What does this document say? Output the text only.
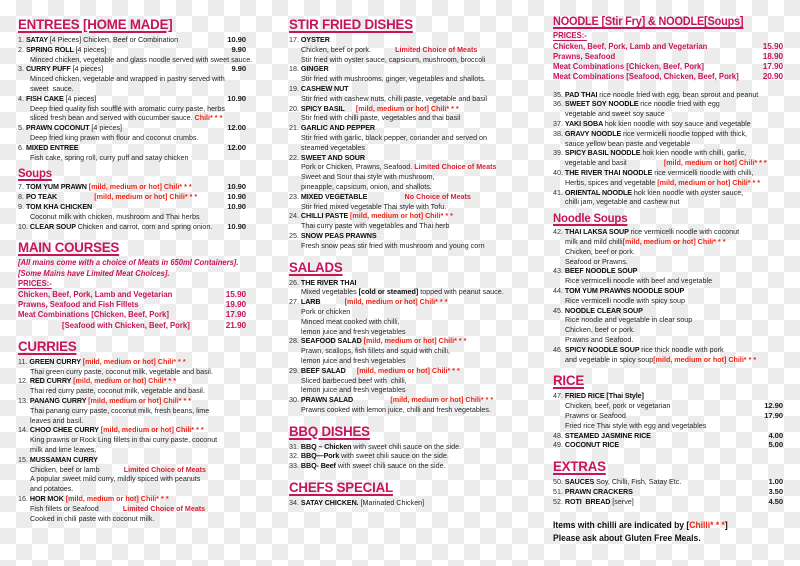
ENTREES [HOME MADE]
1. SATAY [4 Pieces] Chicken, Beef or Combination	10.90
2. SPRING ROLL [4 pieces]	9.90
Minced chicken, vegetable and glass noodle served with sweet sauce.
3. CURRY PUFF [4 pieces]	9.90
Minced chicken, vegetable and wrapped in pastry served with
sweet  sauce.
4. FISH CAKE [4 pieces]	10.90
Deep fried quality fish soufflé with aromatic curry paste, herbs
sliced fresh bean and served with cucumber sauce. Chili* * *
5. PRAWN COCONUT [4 pieces]	12.00
Deep fried king prawn with flour and coconut crumbs.
6. MIXED ENTREE	12.00
Fish cake, spring roll, curry puff and satay chicken
Soups
7. TOM YUM PRAWN [mild, medium or hot] Chili* * *	10.90
8. PO TEAK	[mild, medium or hot] Chili* * *	10.90
9. TOM KHA CHICKEN	10.90
Coconut milk with chicken, mushroom and Thai herbs
10. CLEAR SOUP Chicken and carrot, corn and spring onion.	10.90
MAIN COURSES
[All mains come with a choice of Meats in 650ml Containers].
[Some Mains have Limited Meat Choices].
PRICES:-
Chicken, Beef, Pork, Lamb and Vegetarian	15.90
Prawns, Seafood and Fish Fillets	19.90
Meat Combinations [Chicken, Beef, Pork]	17.90
[Seafood with Chicken, Beef, Pork]	21.90
CURRIES
11. GREEN CURRY [mild, medium or hot] Chili* * *
Thai green curry paste, coconut milk, vegetable and basil.
12. RED CURRY [mild, medium or hot] Chili* * *
Thai red curry paste, coconut milk, vegetable and basil.
13. PANANG CURRY [mild, medium or hot] Chili* * *
Thai panang curry paste, coconut milk, fresh beans, lime
leaves and basil.
14. CHOO CHEE CURRY [mild, medium or hot] Chili* * *
King prawns or Rock Ling fillets in thai curry paste, coconut
milk and lime leaves.
15. MUSSAMAN CURRY
Chicken, beef or lamb	Limited Choice of Meats
A popular sweet mild curry, mildly spiced with peanuts
and potatoes.
16. HOR MOK [mild, medium or hot] Chili* * *
Fish fillets or Seafood	Limited Choice of Meats
Cooked in chili paste with coconut milk.
STIR FRIED DISHES
17. OYSTER
Chicken, beef or pork.	Limited Choice of Meats
Stir fried with oyster sauce, capsicum, mushroom, broccoli
18. GINGER
Stir fried with mushrooms, ginger, vegetables and shallots.
19. CASHEW NUT
Stir fried with cashew nuts, chilli paste, vegetable and basil
20. SPICY BASIL [mild, medium or hot] Chili* * *
Stir fried with chilli paste, vegetables and thai basil
21. GARLIC AND PEPPER
Stir fried with garlic, black pepper, coriander and served on
steamed vegetables
22. SWEET AND SOUR
Pork or Chicken, Prawns, Seafood. Limited Choice of Meats
Sweet and Sour thai style with mushroom,
pineapple, capsicum, onion, and shallots.
23. MIXED VEGETABLE	No Choice of Meats
Stir fried mixed vegetable Thai style with Tofu.
24. CHILLI PASTE [mild, medium or hot] Chili* * *
Thai curry paste with vegetables and Thai herb
25. SNOW PEAS PRAWNS
Fresh snow peas stir fried with mushroom and young corn
SALADS
26. THE RIVER THAI
Mixed vegetables [cold or steamed] topped with peanut sauce.
27. LARB	[mild, medium or hot] Chili* * *
Pork or chicken
Minced meat cooked with chilli,
lemon juice and fresh vegetables
28. SEAFOOD SALAD [mild, medium or hot] Chili* * *
Prawn, scallops, fish fillets and squid with chilli,
lemon juice and fresh vegetables
29. BEEF SALAD [mild, medium or hot] Chili* * *
Sliced barbecued beef with  chilli,
lemon juice and fresh vegetables
30. PRAWN SALAD	[mild, medium or hot] Chili* * *
Prawns cooked with lemon juice, chilli and fresh vegetables.
BBQ DISHES
31. BBQ – Chicken with sweet chili sauce on the side.
32. BBQ—Pork with sweet chili sauce on the side.
33. BBQ- Beef with sweet chili sauce on the side.
CHEFS SPECIAL
34. SATAY CHICKEN. [Marinated Chicken]
NOODLE [Stir Fry] & NOODLE[Soups]
PRICES:-
Chicken, Beef, Pork, Lamb and Vegetarian	15.90
Prawns, Seafood	18.90
Meat Combinations [Chicken, Beef, Pork]	17.90
Meat Combinations [Seafood, Chicken, Beef, Pork]	20.90
35. PAD THAI rice noodle fried with egg, bean sprout and peanut
36. SWEET SOY NOODLE rice noodle fried with egg
vegetable and sweet soy sauce
37. YAKI SOBA hok kien noodle with soy sauce and vegetable
38. GRAVY NOODLE rice vermicelli noodle topped with thick,
sauce yellow bean paste and vegetable
39. SPICY BASIL NOODLE hok kien noodle with chilli, garlic,
vegetable and basil	[mild, medium or hot] Chili* * *
40. THE RIVER THAI NOODLE rice vermicelli noodle with chilli,
Herbs, spices and vegetable [mild, medium or hot] Chili* * *
41. ORIENTAL NOODLE hok kien noodle with oyster sauce,
chilli jam, vegetable and cashew nut
Noodle Soups
42. THAI LAKSA SOUP rice vermicelli noodle with coconut
milk and mild chilli[mild, medium or hot] Chili* * *
Chicken, beef or pork.
Seafood or Prawns.
43. BEEF NOODLE SOUP
Rice vermicelli noodle with beef and vegetable
44. TOM YUM PRAWNS NOODLE SOUP
Rice vermicelli noodle with spicy soup
45. NOODLE CLEAR SOUP
Rice noodle and vegetable in clear soup
Chicken, beef or pork.
Prawns and Seafood.
46. SPICY NOODLE SOUP rice thick noodle with pork
and vegetable in spicy soup[mild, medium or hot] Chili* * *
RICE
47. FRIED RICE [Thai Style]
Chicken, beef, pork or vegetarian	12.90
Prawns or Seafood	17.90
Fried rice Thai style with egg and vegetables
48. STEAMED JASMINE RICE	4.00
49. COCONUT RICE	5.00
EXTRAS
50. SAUCES Soy, Chilli, Fish, Satay Etc.	1.00
51. PRAWN CRACKERS	3.50
52. ROTI  BREAD [serve]	4.50
Items with chilli are indicated by [Chilli* * *]
Please ask about Gluten Free Meals.
